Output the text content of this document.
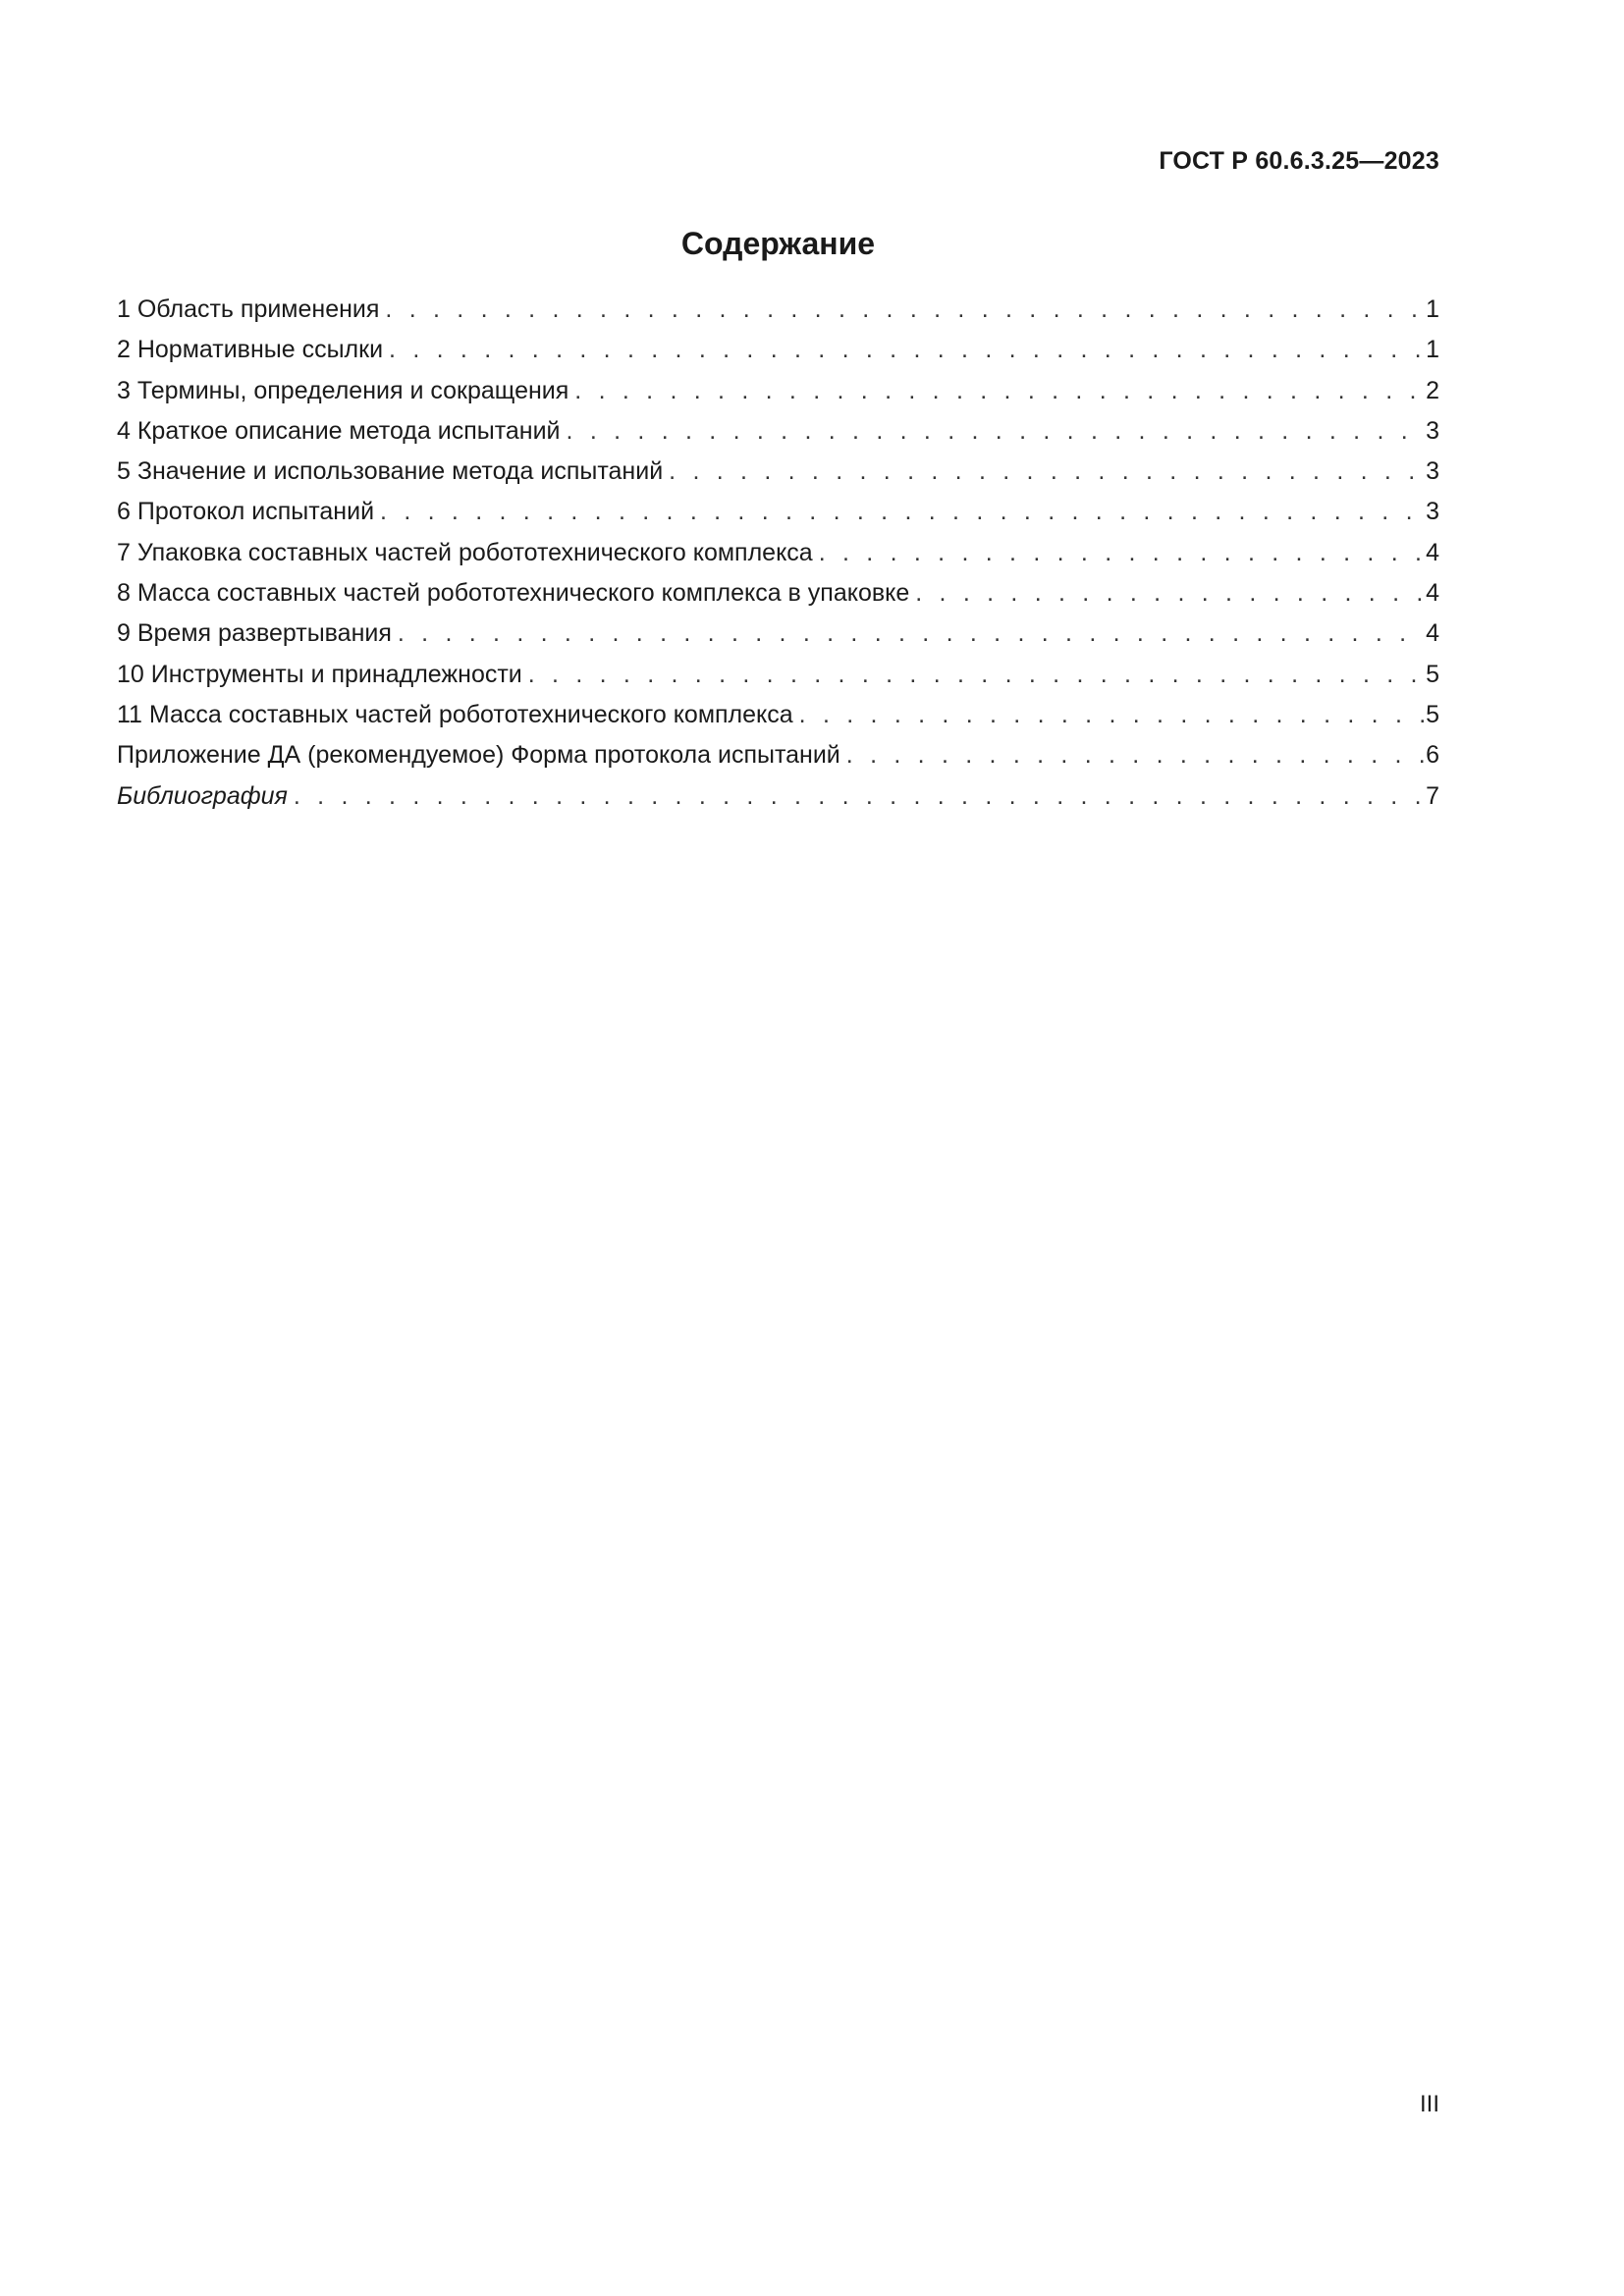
ГОСТ Р 60.6.3.25—2023
Содержание
1 Область применения . . .	1
2 Нормативные ссылки . . .	1
3 Термины, определения и сокращения . . .	2
4 Краткое описание метода испытаний . . .	3
5 Значение и использование метода испытаний . . .	3
6 Протокол испытаний . . .	3
7 Упаковка составных частей робототехнического комплекса . . .	4
8 Масса составных частей робототехнического комплекса в упаковке . . .	4
9 Время развертывания . . .	4
10 Инструменты и принадлежности . . .	5
11 Масса составных частей робототехнического комплекса . . .	5
Приложение ДА (рекомендуемое) Форма протокола испытаний . . .	6
Библиография . . .	7
III
